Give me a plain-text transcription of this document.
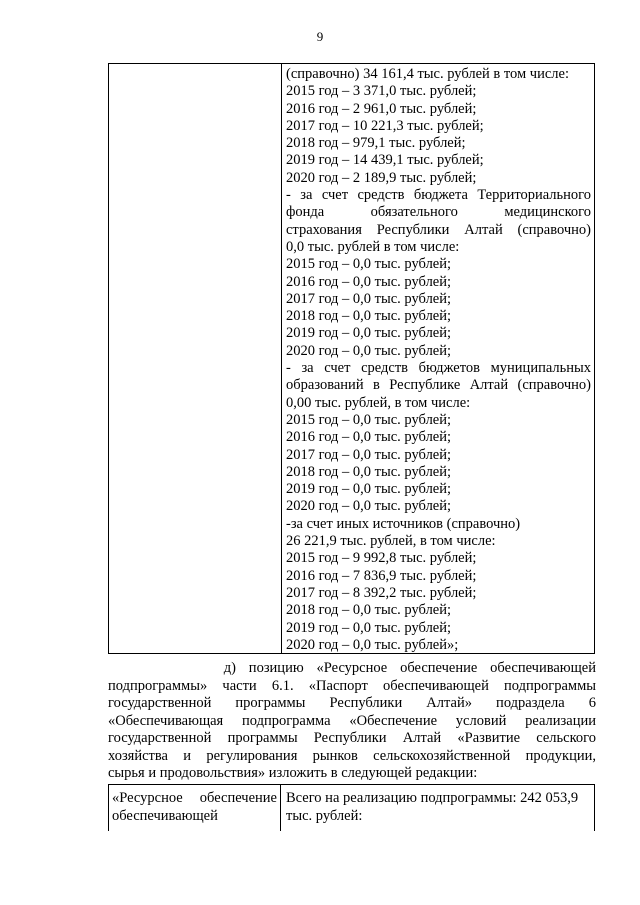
9
(справочно) 34 161,4 тыс. рублей в том числе:
2015 год – 3 371,0 тыс. рублей;
2016 год – 2 961,0 тыс. рублей;
2017 год – 10 221,3 тыс. рублей;
2018 год – 979,1 тыс. рублей;
2019 год – 14 439,1 тыс. рублей;
2020 год – 2 189,9 тыс. рублей;
- за счет средств бюджета Территориального
фонда обязательного медицинского
страхования Республики Алтай (справочно)
0,0 тыс. рублей в том числе:
2015 год – 0,0 тыс. рублей;
2016 год – 0,0 тыс. рублей;
2017 год – 0,0 тыс. рублей;
2018 год – 0,0 тыс. рублей;
2019 год – 0,0 тыс. рублей;
2020 год – 0,0 тыс. рублей;
- за счет средств бюджетов муниципальных
образований в Республике Алтай (справочно)
0,00 тыс. рублей, в том числе:
2015 год – 0,0 тыс. рублей;
2016 год – 0,0 тыс. рублей;
2017 год – 0,0 тыс. рублей;
2018 год – 0,0 тыс. рублей;
2019 год – 0,0 тыс. рублей;
2020 год – 0,0 тыс. рублей;
-за счет иных источников (справочно)
26 221,9 тыс. рублей, в том числе:
2015 год – 9 992,8 тыс. рублей;
2016 год – 7 836,9 тыс. рублей;
2017 год – 8 392,2 тыс. рублей;
2018 год – 0,0 тыс. рублей;
2019 год – 0,0 тыс. рублей;
2020 год – 0,0 тыс. рублей»;
д) позицию «Ресурсное обеспечение обеспечивающей
подпрограммы» части 6.1. «Паспорт обеспечивающей подпрограммы
государственной программы Республики Алтай» подраздела 6
«Обеспечивающая подпрограмма «Обеспечение условий реализации
государственной программы Республики Алтай «Развитие сельского
хозяйства и регулирования рынков сельскохозяйственной продукции,
сырья и продовольствия» изложить в следующей редакции:
«Ресурсное обеспечение
обеспечивающей
Всего на реализацию подпрограммы: 242 053,9
тыс. рублей:
